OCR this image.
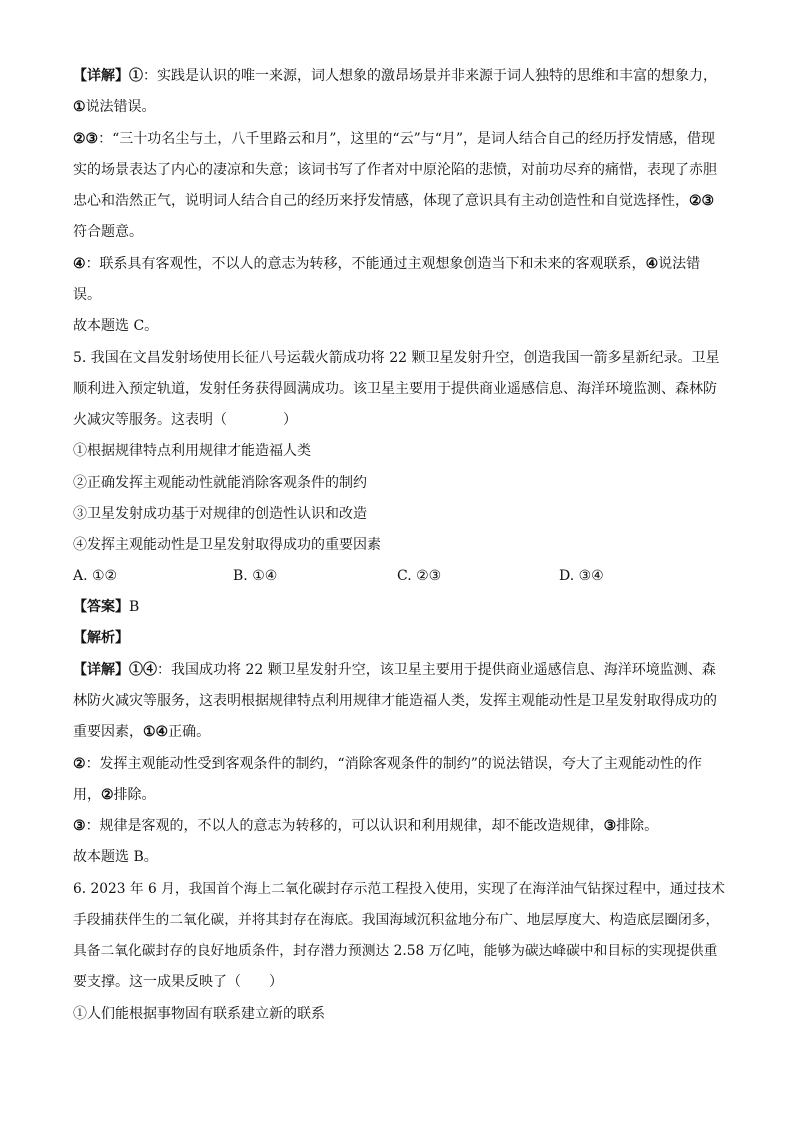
【详解】①：实践是认识的唯一来源，词人想象的激昂场景并非来源于词人独特的思维和丰富的想象力，
①说法错误。
②③：“三十功名尘与土，八千里路云和月”，这里的“云”与“月”，是词人结合自己的经历抒发情感，借现
实的场景表达了内心的凄凉和失意；该词书写了作者对中原沦陷的悲愤，对前功尽弃的痛惜，表现了赤胆
忠心和浩然正气，说明词人结合自己的经历来抒发情感，体现了意识具有主动创造性和自觉选择性，②③
符合题意。
④：联系具有客观性，不以人的意志为转移，不能通过主观想象创造当下和未来的客观联系，④说法错
误。
故本题选 C。
5. 我国在文昌发射场使用长征八号运载火箭成功将 22 颗卫星发射升空，创造我国一箭多星新纪录。卫星
顺利进入预定轨道，发射任务获得圆满成功。该卫星主要用于提供商业遥感信息、海洋环境监测、森林防
火减灾等服务。这表明（　　　　）
①根据规律特点利用规律才能造福人类
②正确发挥主观能动性就能消除客观条件的制约
③卫星发射成功基于对规律的创造性认识和改造
④发挥主观能动性是卫星发射取得成功的重要因素
A. ①②	B. ①④	C. ②③	D. ③④
【答案】B
【解析】
【详解】①④：我国成功将 22 颗卫星发射升空，该卫星主要用于提供商业遥感信息、海洋环境监测、森
林防火减灾等服务，这表明根据规律特点利用规律才能造福人类，发挥主观能动性是卫星发射取得成功的
重要因素，①④正确。
②：发挥主观能动性受到客观条件的制约，“消除客观条件的制约”的说法错误，夸大了主观能动性的作
用，②排除。
③：规律是客观的，不以人的意志为转移的，可以认识和利用规律，却不能改造规律，③排除。
故本题选 B。
6. 2023 年 6 月，我国首个海上二氧化碳封存示范工程投入使用，实现了在海洋油气钻探过程中，通过技术
手段捕获伴生的二氧化碳，并将其封存在海底。我国海域沉积盆地分布广、地层厚度大、构造底层圈闭多，
具备二氧化碳封存的良好地质条件，封存潜力预测达 2.58 万亿吨，能够为碳达峰碳中和目标的实现提供重
要支撑。这一成果反映了（　　）
①人们能根据事物固有联系建立新的联系
